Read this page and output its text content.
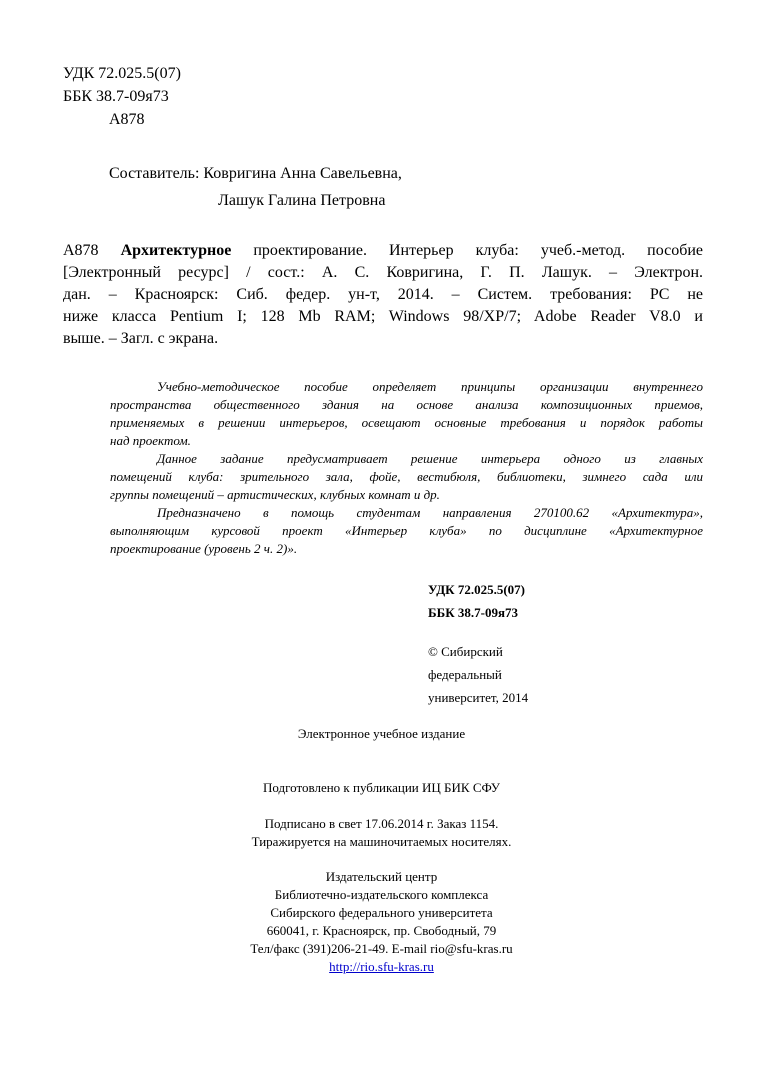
УДК 72.025.5(07)

ББК 38.7-09я73

А878

Составитель: Ковригина Анна Савельевна,

Лашук Галина Петровна

А878 Архитектурное проектирование. Интерьер клуба: учеб.-метод. пособие
[Электронный ресурс] / сост.: А. С. Ковригина, Г. П. Лашук. – Электрон.
дан. – Красноярск: Сиб. федер. ун-т, 2014. – Систем. требования: PC не
ниже класса Pentium I; 128 Mb RAM; Windows 98/XP/7; Adobe Reader V8.0 и
выше. – Загл. с экрана.
Учебно-методическое пособие определяет принципы организации внутреннего
пространства общественного здания на основе анализа композиционных приемов,
применяемых в решении интерьеров, освещают основные требования и порядок работы
над проектом.
Данное задание предусматривает решение интерьера одного из главных
помещений клуба: зрительного зала, фойе, вестибюля, библиотеки, зимнего сада или
группы помещений – артистических, клубных комнат и др.
Предназначено в помощь студентам направления 270100.62 «Архитектура»,
выполняющим курсовой проект «Интерьер клуба» по дисциплине «Архитектурное
проектирование (уровень 2 ч. 2)».

УДК 72.025.5(07)

ББК 38.7-09я73

© Сибирский
федеральный
университет, 2014

Электронное учебное издание

Подготовлено к публикации ИЦ БИК СФУ

Подписано в свет 17.06.2014 г. Заказ 1154.

Тиражируется на машиночитаемых носителях.

Издательский центр

Библиотечно-издательского комплекса

Сибирского федерального университета

660041, г. Красноярск, пр. Свободный, 79

Тел/факс (391)206-21-49. E-mail rio@sfu-kras.ru

http://rio.sfu-kras.ru
